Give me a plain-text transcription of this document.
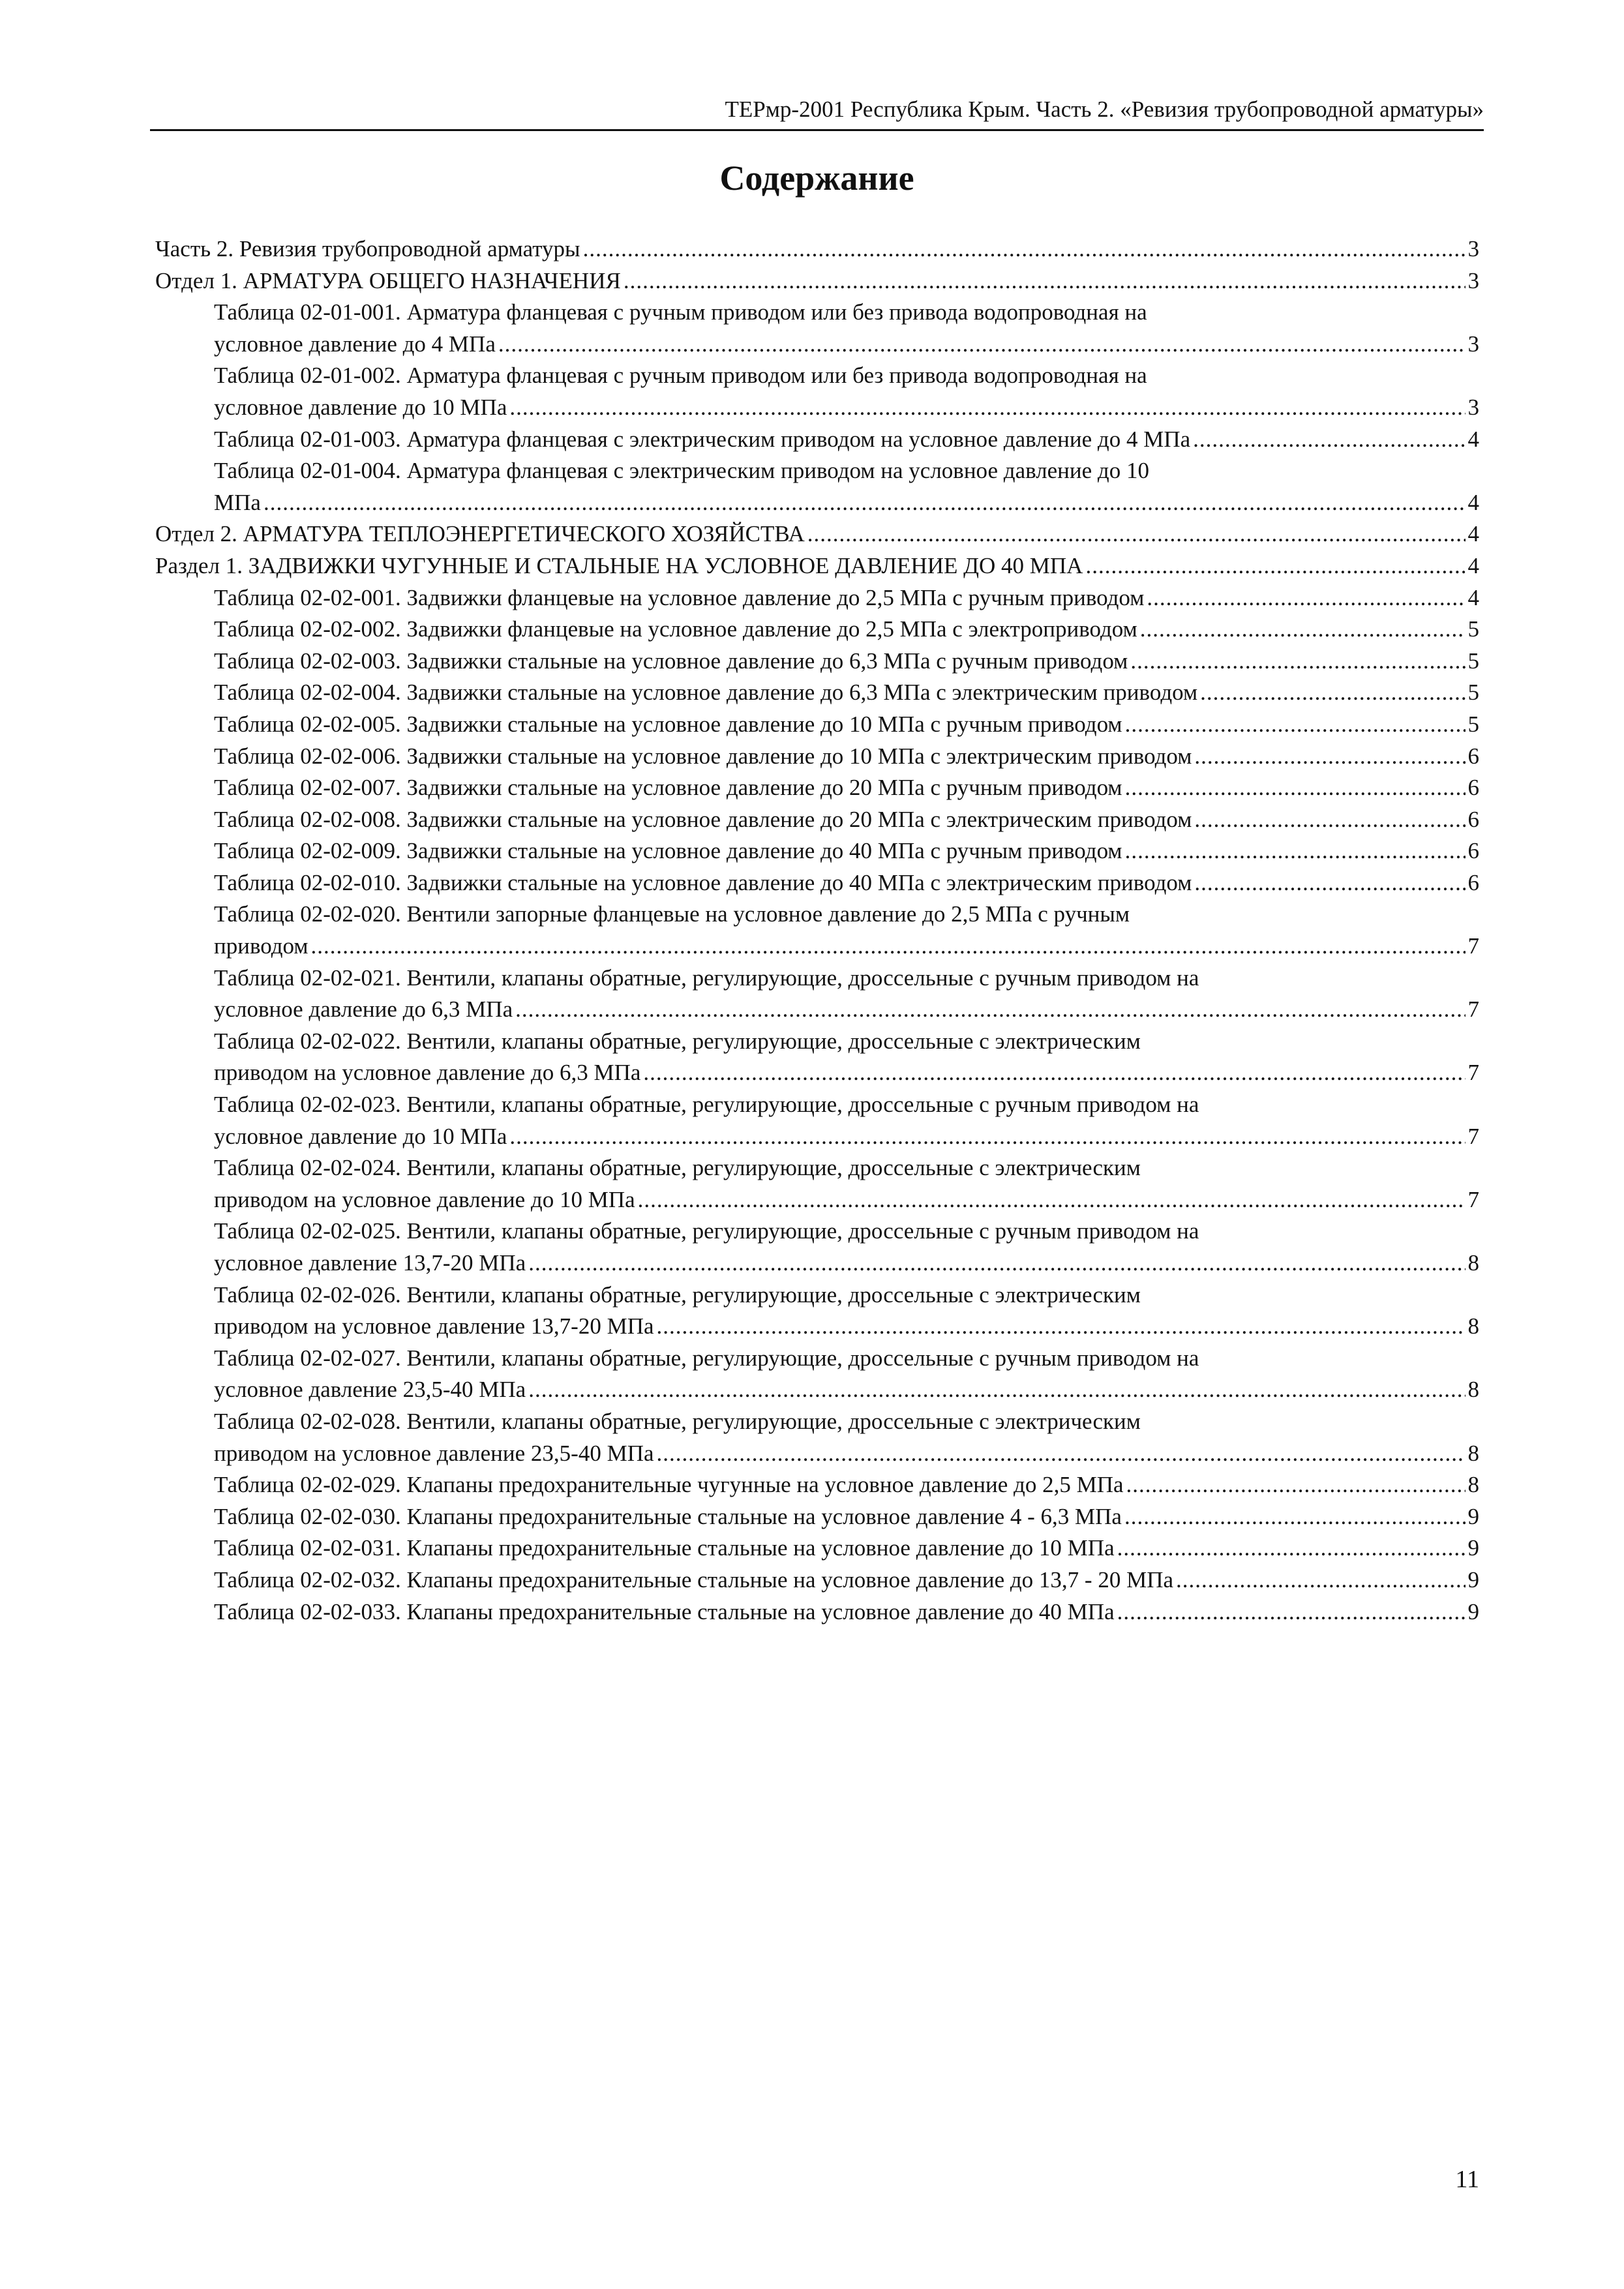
ТЕРмр-2001 Республика Крым. Часть 2. «Ревизия трубопроводной арматуры»
Содержание
Часть 2. Ревизия трубопроводной арматуры .....	3
Отдел 1. АРМАТУРА ОБЩЕГО НАЗНАЧЕНИЯ .....	3
Таблица 02-01-001. Арматура фланцевая с ручным приводом или без привода водопроводная на
условное давление до 4 МПа .....	3
Таблица 02-01-002. Арматура фланцевая с ручным приводом или без привода водопроводная на
условное давление до 10 МПа .....	3
Таблица 02-01-003. Арматура фланцевая с электрическим приводом на условное давление до 4 МПа .....	4
Таблица 02-01-004. Арматура фланцевая с электрическим приводом на условное давление до 10
МПа .....	4
Отдел 2. АРМАТУРА ТЕПЛОЭНЕРГЕТИЧЕСКОГО ХОЗЯЙСТВА .....	4
Раздел 1. ЗАДВИЖКИ ЧУГУННЫЕ И СТАЛЬНЫЕ НА УСЛОВНОЕ ДАВЛЕНИЕ ДО 40 МПА .....	4
Таблица 02-02-001. Задвижки фланцевые на условное давление до 2,5 МПа с ручным приводом .....	4
Таблица 02-02-002. Задвижки фланцевые на условное давление до 2,5 МПа с электроприводом .....	5
Таблица 02-02-003. Задвижки стальные на условное давление до 6,3 МПа с ручным приводом .....	5
Таблица 02-02-004. Задвижки стальные на условное давление до 6,3 МПа с электрическим приводом .....	5
Таблица 02-02-005. Задвижки стальные на условное давление до 10 МПа с ручным приводом .....	5
Таблица 02-02-006. Задвижки стальные на условное давление до 10 МПа с электрическим приводом .....	6
Таблица 02-02-007. Задвижки стальные на условное давление до 20 МПа с ручным приводом .....	6
Таблица 02-02-008. Задвижки стальные на условное давление до 20 МПа с электрическим приводом .....	6
Таблица 02-02-009. Задвижки стальные на условное давление до 40 МПа с ручным приводом .....	6
Таблица 02-02-010. Задвижки стальные на условное давление до 40 МПа с электрическим приводом .....	6
Таблица 02-02-020. Вентили запорные фланцевые на условное давление до 2,5 МПа с ручным
приводом .....	7
Таблица 02-02-021. Вентили, клапаны обратные, регулирующие, дроссельные с ручным приводом на
условное давление до 6,3 МПа .....	7
Таблица 02-02-022. Вентили, клапаны обратные, регулирующие, дроссельные с электрическим
приводом на условное давление до 6,3 МПа .....	7
Таблица 02-02-023. Вентили, клапаны обратные, регулирующие, дроссельные с ручным приводом на
условное давление до 10 МПа .....	7
Таблица 02-02-024. Вентили, клапаны обратные, регулирующие, дроссельные с электрическим
приводом на условное давление до 10 МПа .....	7
Таблица 02-02-025. Вентили, клапаны обратные, регулирующие, дроссельные с ручным приводом на
условное давление 13,7-20 МПа .....	8
Таблица 02-02-026. Вентили, клапаны обратные, регулирующие, дроссельные с электрическим
приводом на условное давление 13,7-20 МПа .....	8
Таблица 02-02-027. Вентили, клапаны обратные, регулирующие, дроссельные с ручным приводом на
условное давление 23,5-40 МПа .....	8
Таблица 02-02-028. Вентили, клапаны обратные, регулирующие, дроссельные с электрическим
приводом на условное давление 23,5-40 МПа .....	8
Таблица 02-02-029. Клапаны предохранительные чугунные на условное давление до 2,5 МПа .....	8
Таблица 02-02-030. Клапаны предохранительные стальные на условное давление 4 - 6,3 МПа .....	9
Таблица 02-02-031. Клапаны предохранительные стальные на условное давление до 10 МПа .....	9
Таблица 02-02-032. Клапаны предохранительные стальные на условное давление до 13,7 - 20 МПа .....	9
Таблица 02-02-033. Клапаны предохранительные стальные на условное давление до 40 МПа .....	9
11
